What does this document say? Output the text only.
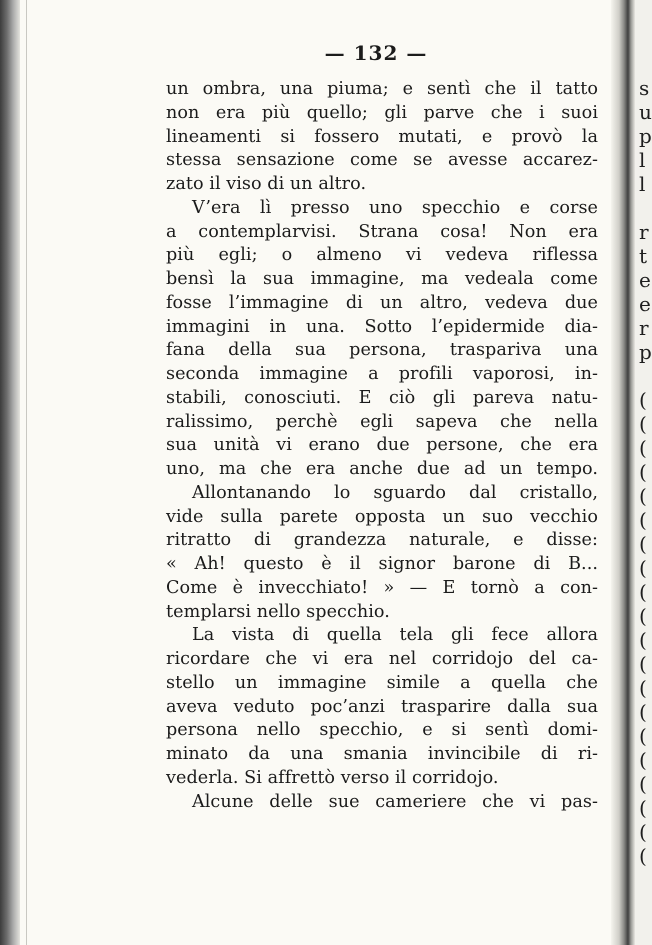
s
u
p
l
l
r
t
e
e
r
p
(
(
(
(
(
(
(
(
(
(
(
(
(
(
(
(
(
(
(
(
— 132 —
un ombra, una piuma; e sentì che il tatto
non era più quello; gli parve che i suoi
lineamenti si fossero mutati, e provò la
stessa sensazione come se avesse accarez-
zato il viso di un altro.
V’era lì presso uno specchio e corse
a contemplarvisi. Strana cosa! Non era
più egli; o almeno vi vedeva riflessa
bensì la sua immagine, ma vedeala come
fosse l’immagine di un altro, vedeva due
immagini in una. Sotto l’epidermide dia-
fana della sua persona, traspariva una
seconda immagine a profili vaporosi, in-
stabili, conosciuti. E ciò gli pareva natu-
ralissimo, perchè egli sapeva che nella
sua unità vi erano due persone, che era
uno, ma che era anche due ad un tempo.
Allontanando lo sguardo dal cristallo,
vide sulla parete opposta un suo vecchio
ritratto di grandezza naturale, e disse:
« Ah! questo è il signor barone di B...
Come è invecchiato! » — E tornò a con-
templarsi nello specchio.
La vista di quella tela gli fece allora
ricordare che vi era nel corridojo del ca-
stello un immagine simile a quella che
aveva veduto poc’anzi trasparire dalla sua
persona nello specchio, e si sentì domi-
minato da una smania invincibile di ri-
vederla. Si affrettò verso il corridojo.
Alcune delle sue cameriere che vi pas-
